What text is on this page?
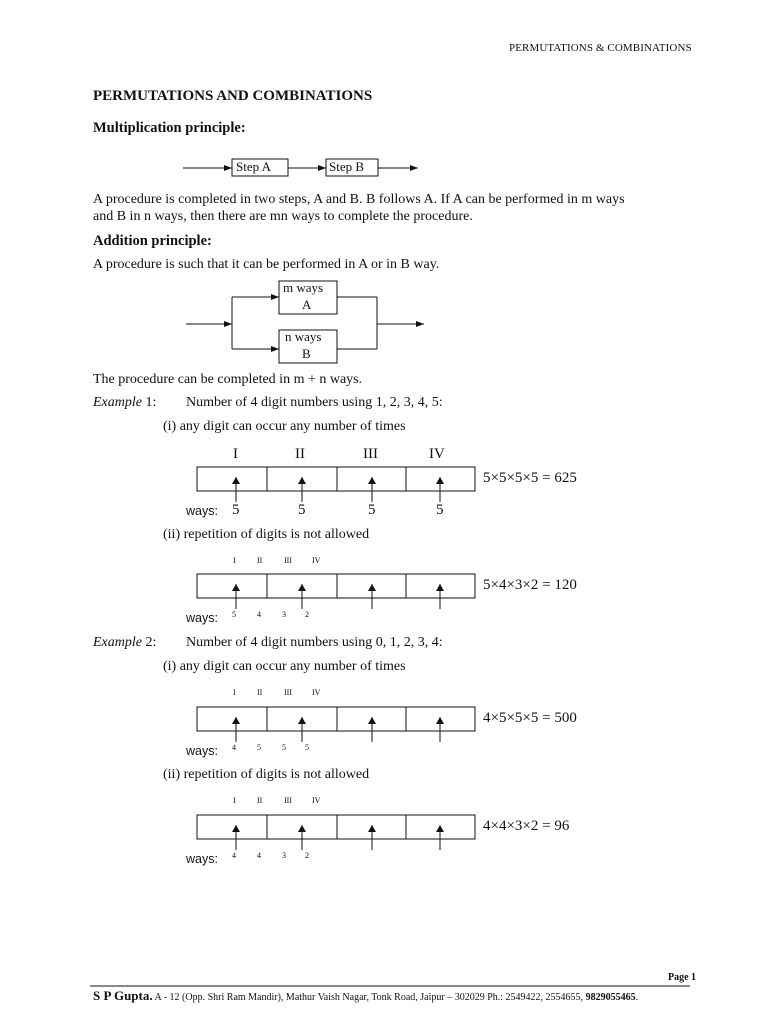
PERMUTATIONS & COMBINATIONS
PERMUTATIONS AND COMBINATIONS
Multiplication principle:
Step A	Step B
A procedure is completed in two steps, A and B. B follows A. If A can be performed in m ways
and B in n ways, then there are mn ways to complete the procedure.
Addition principle:
A procedure is such that it can be performed in A or in B way.
m ways
A
n ways
B
The procedure can be completed in m + n ways.
Example 1: Number of 4 digit numbers using 1, 2, 3, 4, 5:
(i) any digit can occur any number of times
I	II	III	IV
5×5×5×5 = 625
ways: 5	5	5	5
(ii) repetition of digits is not allowed
I	II	III	IV
5×4×3×2 = 120
ways: 5	4	3 2
Example 2: Number of 4 digit numbers using 0, 1, 2, 3, 4:
(i) any digit can occur any number of times
I	II	III	IV
4×5×5×5 = 500
ways: 4	5	5 5
(ii) repetition of digits is not allowed
I	II	III	IV
4×4×3×2 = 96
ways: 4	4	3 2
Page 1
S P Gupta. A - 12 (Opp. Shri Ram Mandir), Mathur Vaish Nagar, Tonk Road, Jaipur – 302029 Ph.: 2549422, 2554655, 9829055465.
